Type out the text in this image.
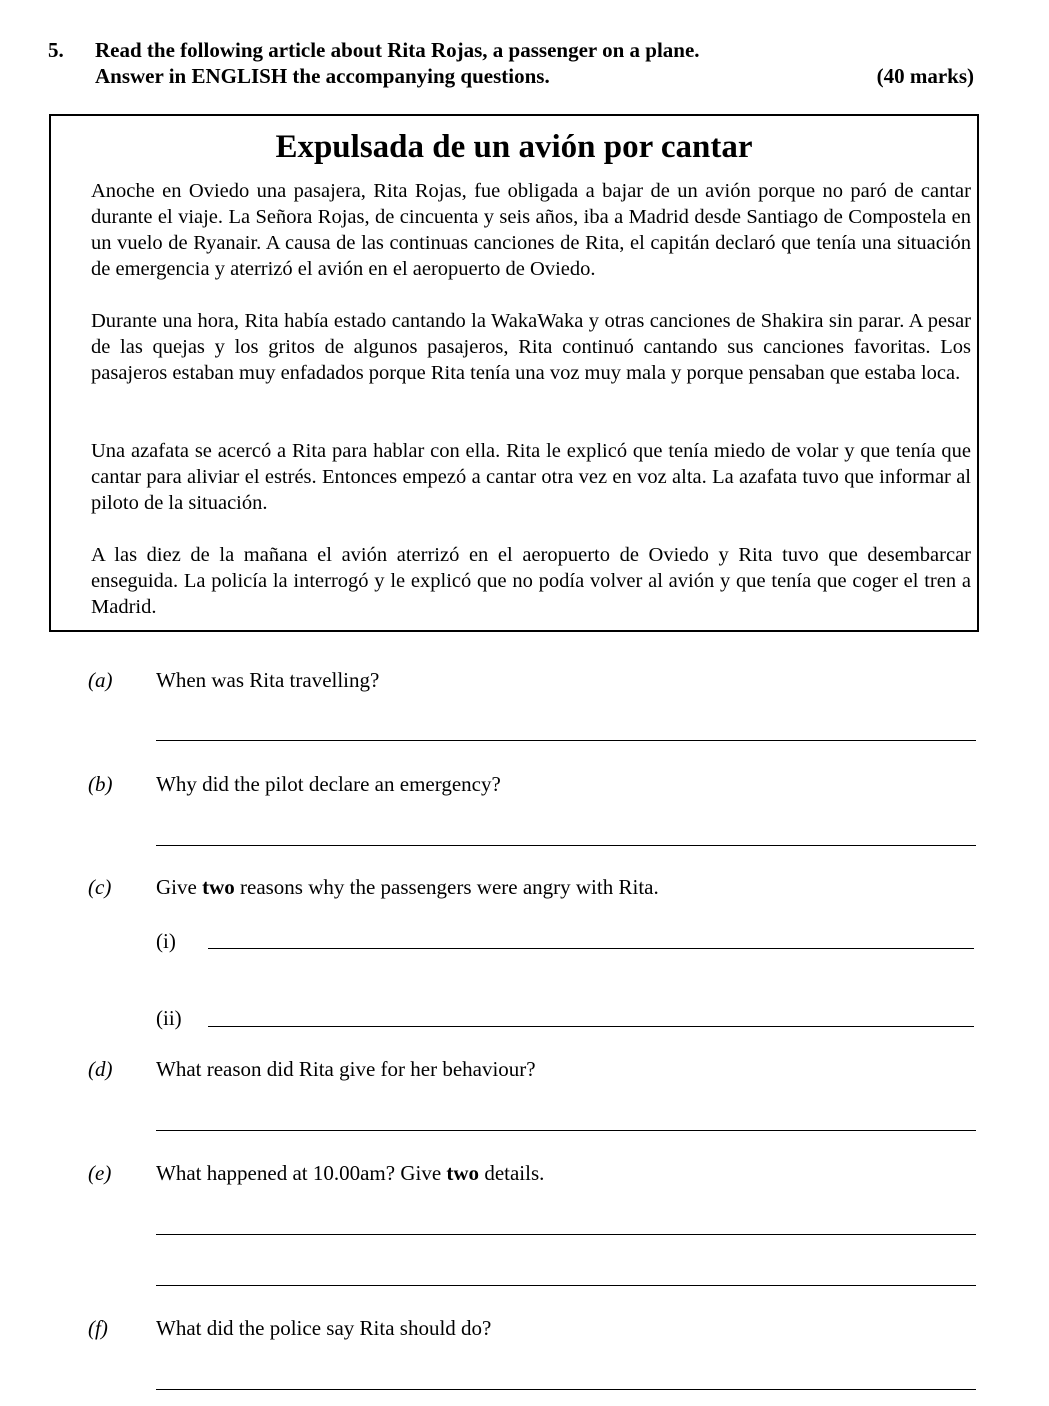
5. Read the following article about Rita Rojas, a passenger on a plane.
Answer in ENGLISH the accompanying questions.	(40 marks)
Expulsada de un avión por cantar
Anoche en Oviedo una pasajera, Rita Rojas, fue obligada a bajar de un avión porque no paró de cantar durante el viaje. La Señora Rojas, de cincuenta y seis años, iba a Madrid desde Santiago de Compostela en un vuelo de Ryanair. A causa de las continuas canciones de Rita, el capitán declaró que tenía una situación de emergencia y aterrizó el avión en el aeropuerto de Oviedo.
Durante una hora, Rita había estado cantando la WakaWaka y otras canciones de Shakira sin parar. A pesar de las quejas y los gritos de algunos pasajeros, Rita continuó cantando sus canciones favoritas. Los pasajeros estaban muy enfadados porque Rita tenía una voz muy mala y porque pensaban que estaba loca.
Una azafata se acercó a Rita para hablar con ella. Rita le explicó que tenía miedo de volar y que tenía que cantar para aliviar el estrés. Entonces empezó a cantar otra vez en voz alta. La azafata tuvo que informar al piloto de la situación.
A las diez de la mañana el avión aterrizó en el aeropuerto de Oviedo y Rita tuvo que desembarcar enseguida. La policía la interrogó y le explicó que no podía volver al avión y que tenía que coger el tren a Madrid.
(a) When was Rita travelling?
(b) Why did the pilot declare an emergency?
(c) Give two reasons why the passengers were angry with Rita.
(i)
(ii)
(d) What reason did Rita give for her behaviour?
(e) What happened at 10.00am? Give two details.
(f) What did the police say Rita should do?
